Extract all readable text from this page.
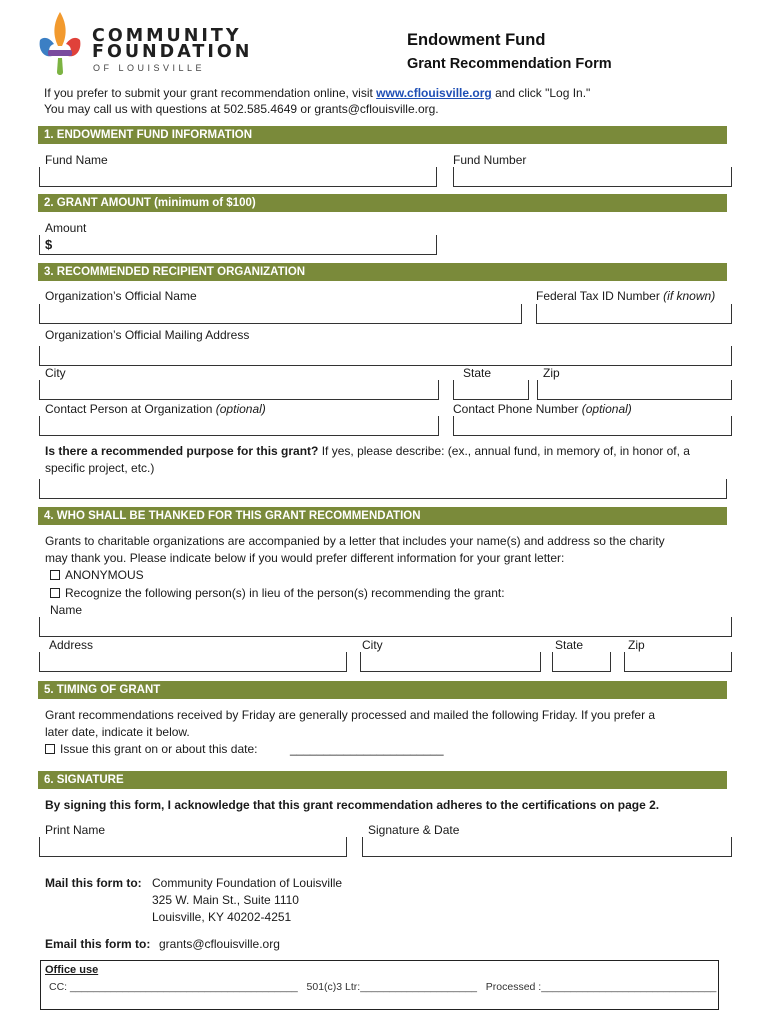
COMMUNITY
FOUNDATION
OF LOUISVILLE
Endowment Fund
Grant Recommendation Form
If you prefer to submit your grant recommendation online, visit www.cflouisville.org and click "Log In."
You may call us with questions at 502.585.4649 or grants@cflouisville.org.
1. ENDOWMENT FUND INFORMATION
Fund Name	Fund Number
2. GRANT AMOUNT (minimum of $100)
Amount
$
3. RECOMMENDED RECIPIENT ORGANIZATION
Organization’s Official Name	Federal Tax ID Number (if known)
Organization’s Official Mailing Address
City	State	Zip
Contact Person at Organization (optional)	Contact Phone Number (optional)
Is there a recommended purpose for this grant? If yes, please describe: (ex., annual fund, in memory of, in honor of, a
specific project, etc.)
4. WHO SHALL BE THANKED FOR THIS GRANT RECOMMENDATION
Grants to charitable organizations are accompanied by a letter that includes your name(s) and address so the charity
may thank you. Please indicate below if you would prefer different information for your grant letter:
ANONYMOUS
Recognize the following person(s) in lieu of the person(s) recommending the grant:
Name
Address	City	State	Zip
5. TIMING OF GRANT
Grant recommendations received by Friday are generally processed and mailed the following Friday. If you prefer a
later date, indicate it below.
Issue this grant on or about this date:	_______________________
6. SIGNATURE
By signing this form, I acknowledge that this grant recommendation adheres to the certifications on page 2.
Print Name	Signature & Date
Mail this form to: Community Foundation of Louisville
325 W. Main St., Suite 1110
Louisville, KY 40202-4251
Email this form to: grants@cflouisville.org
Office use
CC: _______________________________________ 501(c)3 Ltr:____________________ Processed :______________________________
